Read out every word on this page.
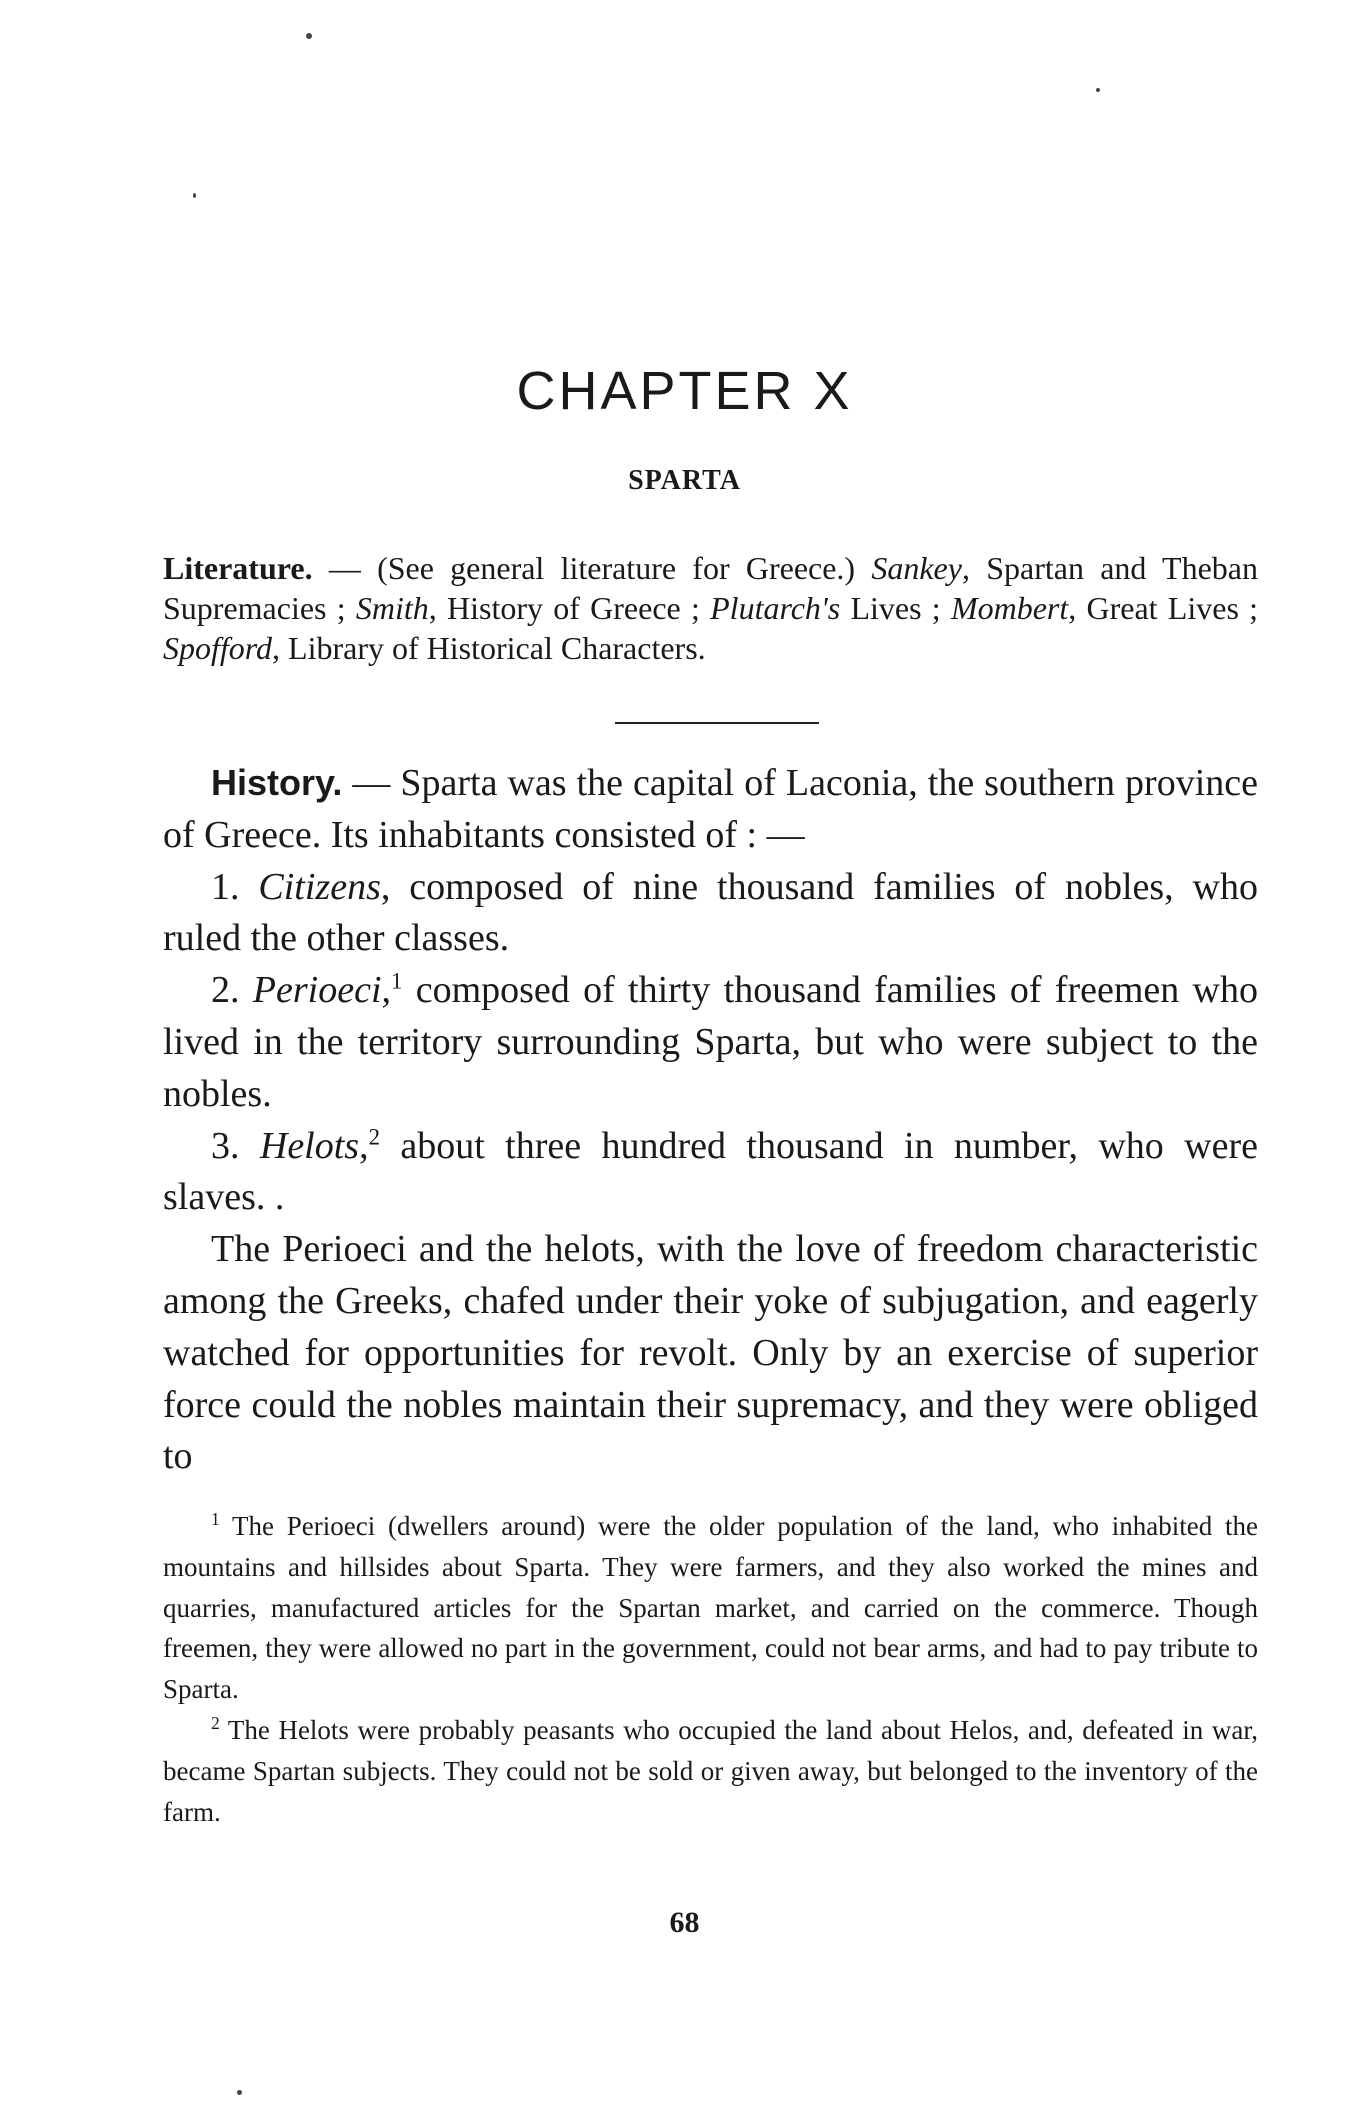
CHAPTER X
SPARTA
Literature. — (See general literature for Greece.) Sankey, Spartan and Theban Supremacies ; Smith, History of Greece ; Plutarch's Lives ; Mombert, Great Lives ; Spofford, Library of Historical Characters.

History. — Sparta was the capital of Laconia, the southern province of Greece. Its inhabitants consisted of : —

1. Citizens, composed of nine thousand families of nobles, who ruled the other classes.

2. Perioeci,$^1$ composed of thirty thousand families of freemen who lived in the territory surrounding Sparta, but who were subject to the nobles.

3. Helots,$^2$ about three hundred thousand in number, who were slaves. .

The Perioeci and the helots, with the love of freedom characteristic among the Greeks, chafed under their yoke of subjugation, and eagerly watched for opportunities for revolt. Only by an exercise of superior force could the nobles maintain their supremacy, and they were obliged to

$^1$ The Perioeci (dwellers around) were the older population of the land, who inhabited the mountains and hillsides about Sparta. They were farmers, and they also worked the mines and quarries, manufactured articles for the Spartan market, and carried on the commerce. Though freemen, they were allowed no part in the government, could not bear arms, and had to pay tribute to Sparta.

$^2$ The Helots were probably peasants who occupied the land about Helos, and, defeated in war, became Spartan subjects. They could not be sold or given away, but belonged to the inventory of the farm.

68
